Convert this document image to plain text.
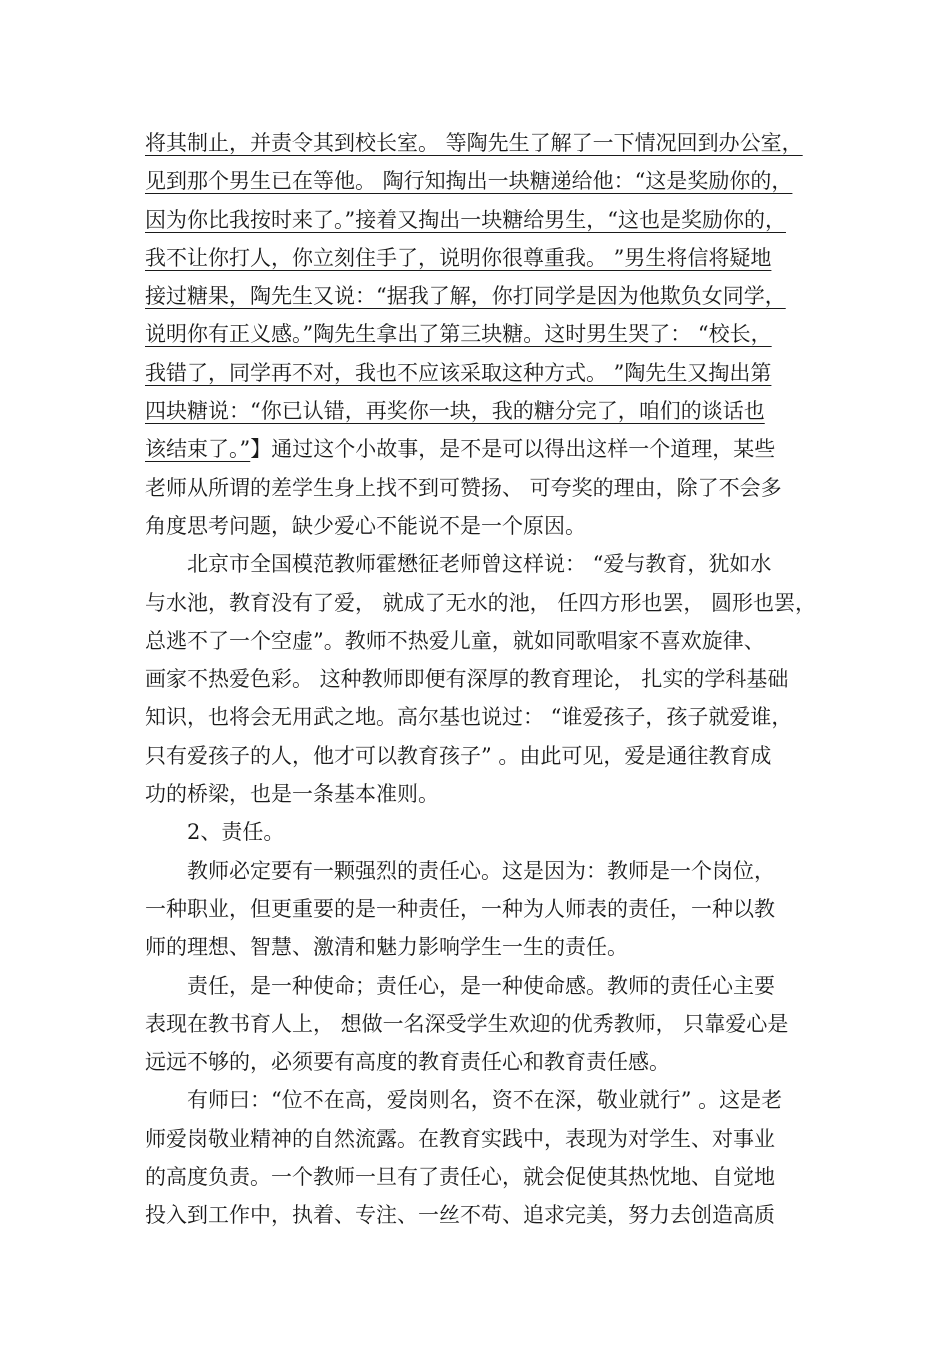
将其制止，并责令其到校长室。 等陶先生了解了一下情况回到办公室，
见到那个男生已在等他。 陶行知掏出一块糖递给他：“这是奖励你的，
因为你比我按时来了。”接着又掏出一块糖给男生，“这也是奖励你的，
我不让你打人，你立刻住手了，说明你很尊重我。 ”男生将信将疑地
接过糖果，陶先生又说：“据我了解，你打同学是因为他欺负女同学，
说明你有正义感。”陶先生拿出了第三块糖。这时男生哭了： “校长，
我错了，同学再不对，我也不应该采取这种方式。 ”陶先生又掏出第
四块糖说：“你已认错，再奖你一块，我的糖分完了，咱们的谈话也
该结束了。”】通过这个小故事，是不是可以得出这样一个道理，某些
老师从所谓的差学生身上找不到可赞扬、 可夸奖的理由，除了不会多
角度思考问题，缺少爱心不能说不是一个原因。
北京市全国模范教师霍懋征老师曾这样说： “爱与教育，犹如水
与水池，教育没有了爱， 就成了无水的池， 任四方形也罢， 圆形也罢，
总逃不了一个空虚”。教师不热爱儿童，就如同歌唱家不喜欢旋律、
画家不热爱色彩。 这种教师即便有深厚的教育理论， 扎实的学科基础
知识，也将会无用武之地。高尔基也说过： “谁爱孩子，孩子就爱谁，
只有爱孩子的人，他才可以教育孩子” 。由此可见，爱是通往教育成
功的桥梁，也是一条基本准则。
2、责任。
教师必定要有一颗强烈的责任心。这是因为：教师是一个岗位，
一种职业，但更重要的是一种责任，一种为人师表的责任，一种以教
师的理想、智慧、激清和魅力影响学生一生的责任。
责任，是一种使命；责任心，是一种使命感。教师的责任心主要
表现在教书育人上， 想做一名深受学生欢迎的优秀教师， 只靠爱心是
远远不够的，必须要有高度的教育责任心和教育责任感。
有师曰：“位不在高，爱岗则名，资不在深，敬业就行” 。这是老
师爱岗敬业精神的自然流露。在教育实践中，表现为对学生、对事业
的高度负责。一个教师一旦有了责任心，就会促使其热忱地、自觉地
投入到工作中，执着、专注、一丝不苟、追求完美，努力去创造高质
